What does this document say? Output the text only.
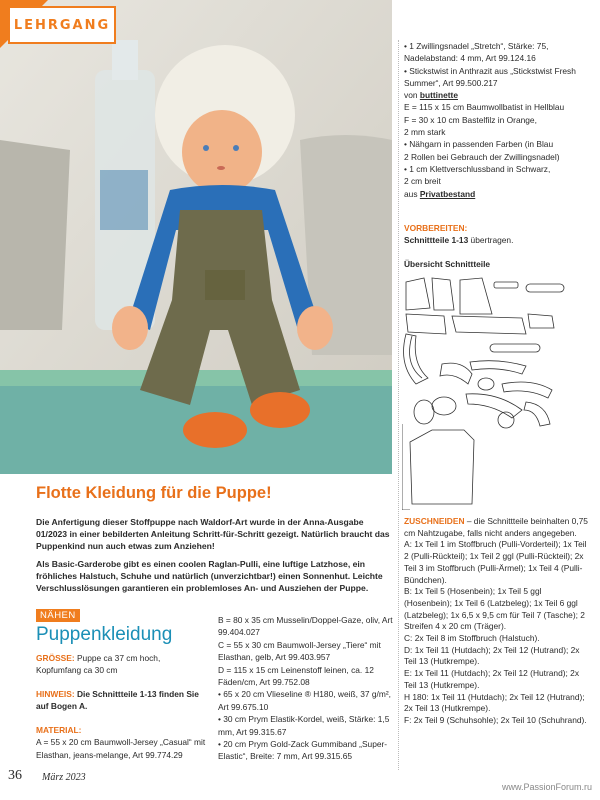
LEHRGANG
• 1 Zwillingsnadel „Stretch“, Stärke: 75,
Nadelabstand: 4 mm, Art 99.124.16
• Stickstwist in Anthrazit aus „Stickstwist Fresh
Summer“, Art 99.500.217
von buttinette
E = 115 x 15 cm Baumwollbatist in Hellblau
F = 30 x 10 cm Bastelfilz in Orange,
2 mm stark
• Nähgarn in passenden Farben (in Blau
2 Rollen bei Gebrauch der Zwillingsnadel)
• 1 cm Klettverschlussband in Schwarz,
2 cm breit
aus Privatbestand
VORBEREITEN:
Schnittteile 1-13 übertragen.
Übersicht Schnittteile
ZUSCHNEIDEN – die Schnittteile beinhalten 0,75 cm Nahtzugabe, falls nicht anders angegeben.
A: 1x Teil 1 im Stoffbruch (Pulli-Vorderteil); 1x Teil 2 (Pulli-Rückteil); 1x Teil 2 ggl (Pulli-Rückteil); 2x Teil 3 im Stoffbruch (Pulli-Ärmel); 1x Teil 4 (Pulli-Bündchen).
B: 1x Teil 5 (Hosenbein); 1x Teil 5 ggl (Hosenbein); 1x Teil 6 (Latzbeleg); 1x Teil 6 ggl (Latzbeleg); 1x 6,5 x 9,5 cm für Teil 7 (Tasche); 2 Streifen 4 x 20 cm (Träger).
C: 2x Teil 8 im Stoffbruch (Halstuch).
D: 1x Teil 11 (Hutdach); 2x Teil 12 (Hutrand); 2x Teil 13 (Hutkrempe).
E: 1x Teil 11 (Hutdach); 2x Teil 12 (Hutrand); 2x Teil 13 (Hutkrempe).
H 180: 1x Teil 11 (Hutdach); 2x Teil 12 (Hutrand); 2x Teil 13 (Hutkrempe).
F: 2x Teil 9 (Schuhsohle); 2x Teil 10 (Schuhrand).
Flotte Kleidung für die Puppe!
Die Anfertigung dieser Stoffpuppe nach Waldorf-Art wurde in der Anna-Ausgabe 01/2023 in einer bebilderten Anleitung Schritt-für-Schritt gezeigt. Natürlich braucht das Puppenkind nun auch etwas zum Anziehen!
Als Basic-Garderobe gibt es einen coolen Raglan-Pulli, eine luftige Latzhose, ein fröhliches Halstuch, Schuhe und natürlich (unverzichtbar!) einen Sonnenhut. Leichte Verschlusslösungen garantieren ein problemloses An- und Ausziehen der Puppe.
NÄHEN
Puppenkleidung
GRÖSSE: Puppe ca 37 cm hoch, Kopfumfang ca 30 cm
HINWEIS: Die Schnittteile 1-13 finden Sie auf Bogen A.
MATERIAL:
A = 55 x 20 cm Baumwoll-Jersey „Casual“ mit Elasthan, jeans-melange, Art 99.774.29
B = 80 x 35 cm Musselin/Doppel-Gaze, oliv, Art 99.404.027
C = 55 x 30 cm Baumwoll-Jersey „Tiere“ mit Elasthan, gelb, Art 99.403.957
D = 115 x 15 cm Leinenstoff leinen, ca. 12 Fäden/cm, Art 99.752.08
• 65 x 20 cm Vlieseline ® H180, weiß, 37 g/m², Art 99.675.10
• 30 cm Prym Elastik-Kordel, weiß, Stärke: 1,5 mm, Art 99.315.67
• 20 cm Prym Gold-Zack Gummiband „Super-Elastic“, Breite: 7 mm, Art 99.315.65
36 März 2023
www.PassionForum.ru
